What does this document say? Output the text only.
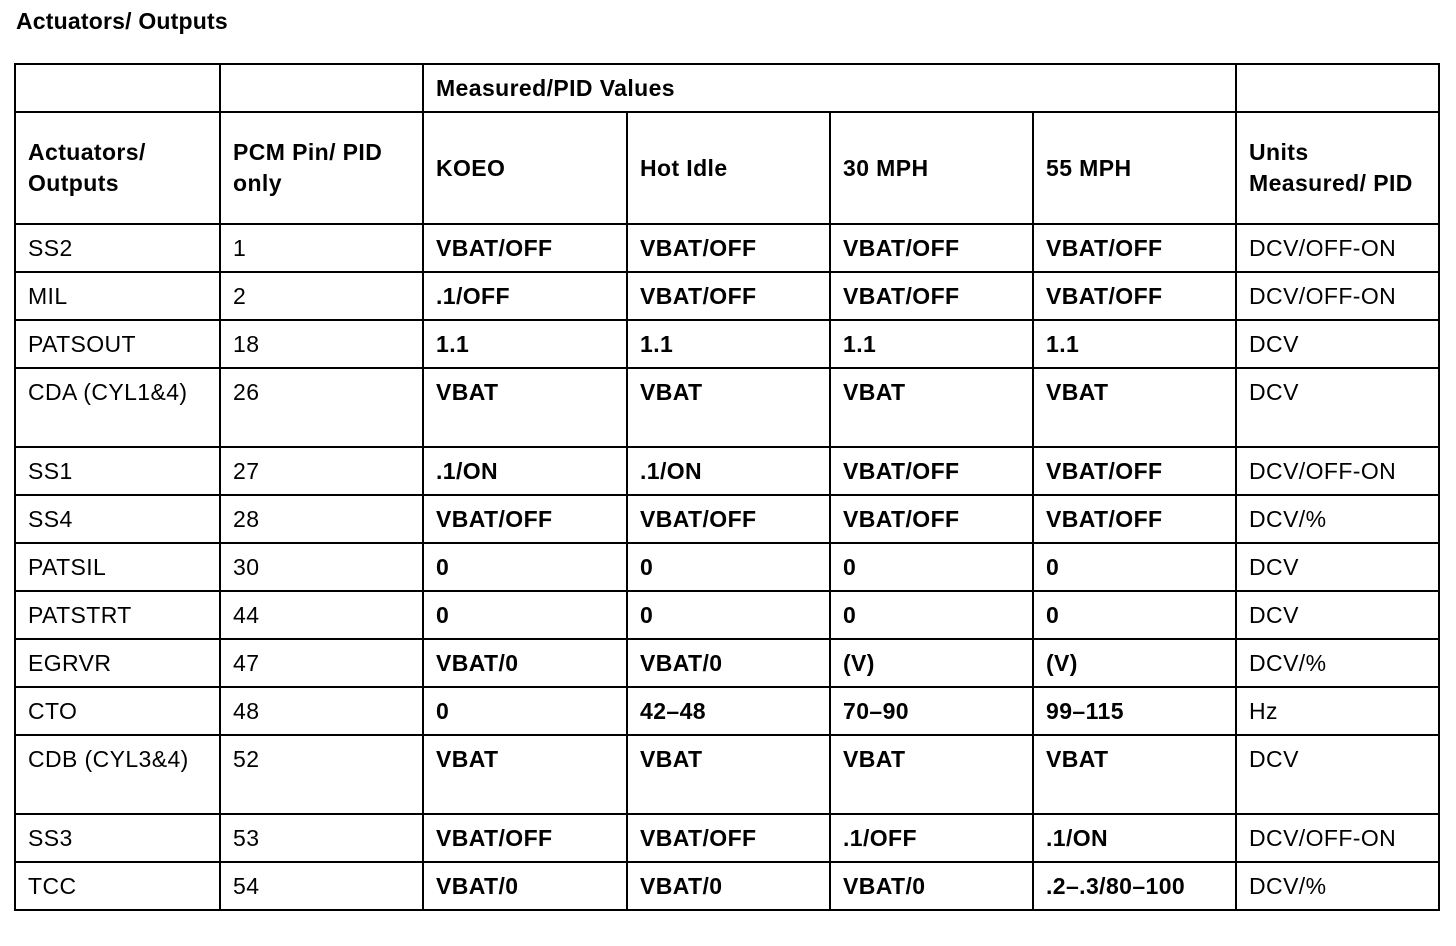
Actuators/ Outputs
		Measured/PID Values				
Actuators/ Outputs	PCM Pin/ PID only	KOEO	Hot Idle	30 MPH	55 MPH	Units Measured/ PID
SS2	1	VBAT/OFF	VBAT/OFF	VBAT/OFF	VBAT/OFF	DCV/OFF-ON
MIL	2	.1/OFF	VBAT/OFF	VBAT/OFF	VBAT/OFF	DCV/OFF-ON
PATSOUT	18	1.1	1.1	1.1	1.1	DCV
CDA (CYL1&4)	26	VBAT	VBAT	VBAT	VBAT	DCV
SS1	27	.1/ON	.1/ON	VBAT/OFF	VBAT/OFF	DCV/OFF-ON
SS4	28	VBAT/OFF	VBAT/OFF	VBAT/OFF	VBAT/OFF	DCV/%
PATSIL	30	0	0	0	0	DCV
PATSTRT	44	0	0	0	0	DCV
EGRVR	47	VBAT/0	VBAT/0	(V)	(V)	DCV/%
CTO	48	0	42–48	70–90	99–115	Hz
CDB (CYL3&4)	52	VBAT	VBAT	VBAT	VBAT	DCV
SS3	53	VBAT/OFF	VBAT/OFF	.1/OFF	.1/ON	DCV/OFF-ON
TCC	54	VBAT/0	VBAT/0	VBAT/0	.2–.3/80–100	DCV/%
